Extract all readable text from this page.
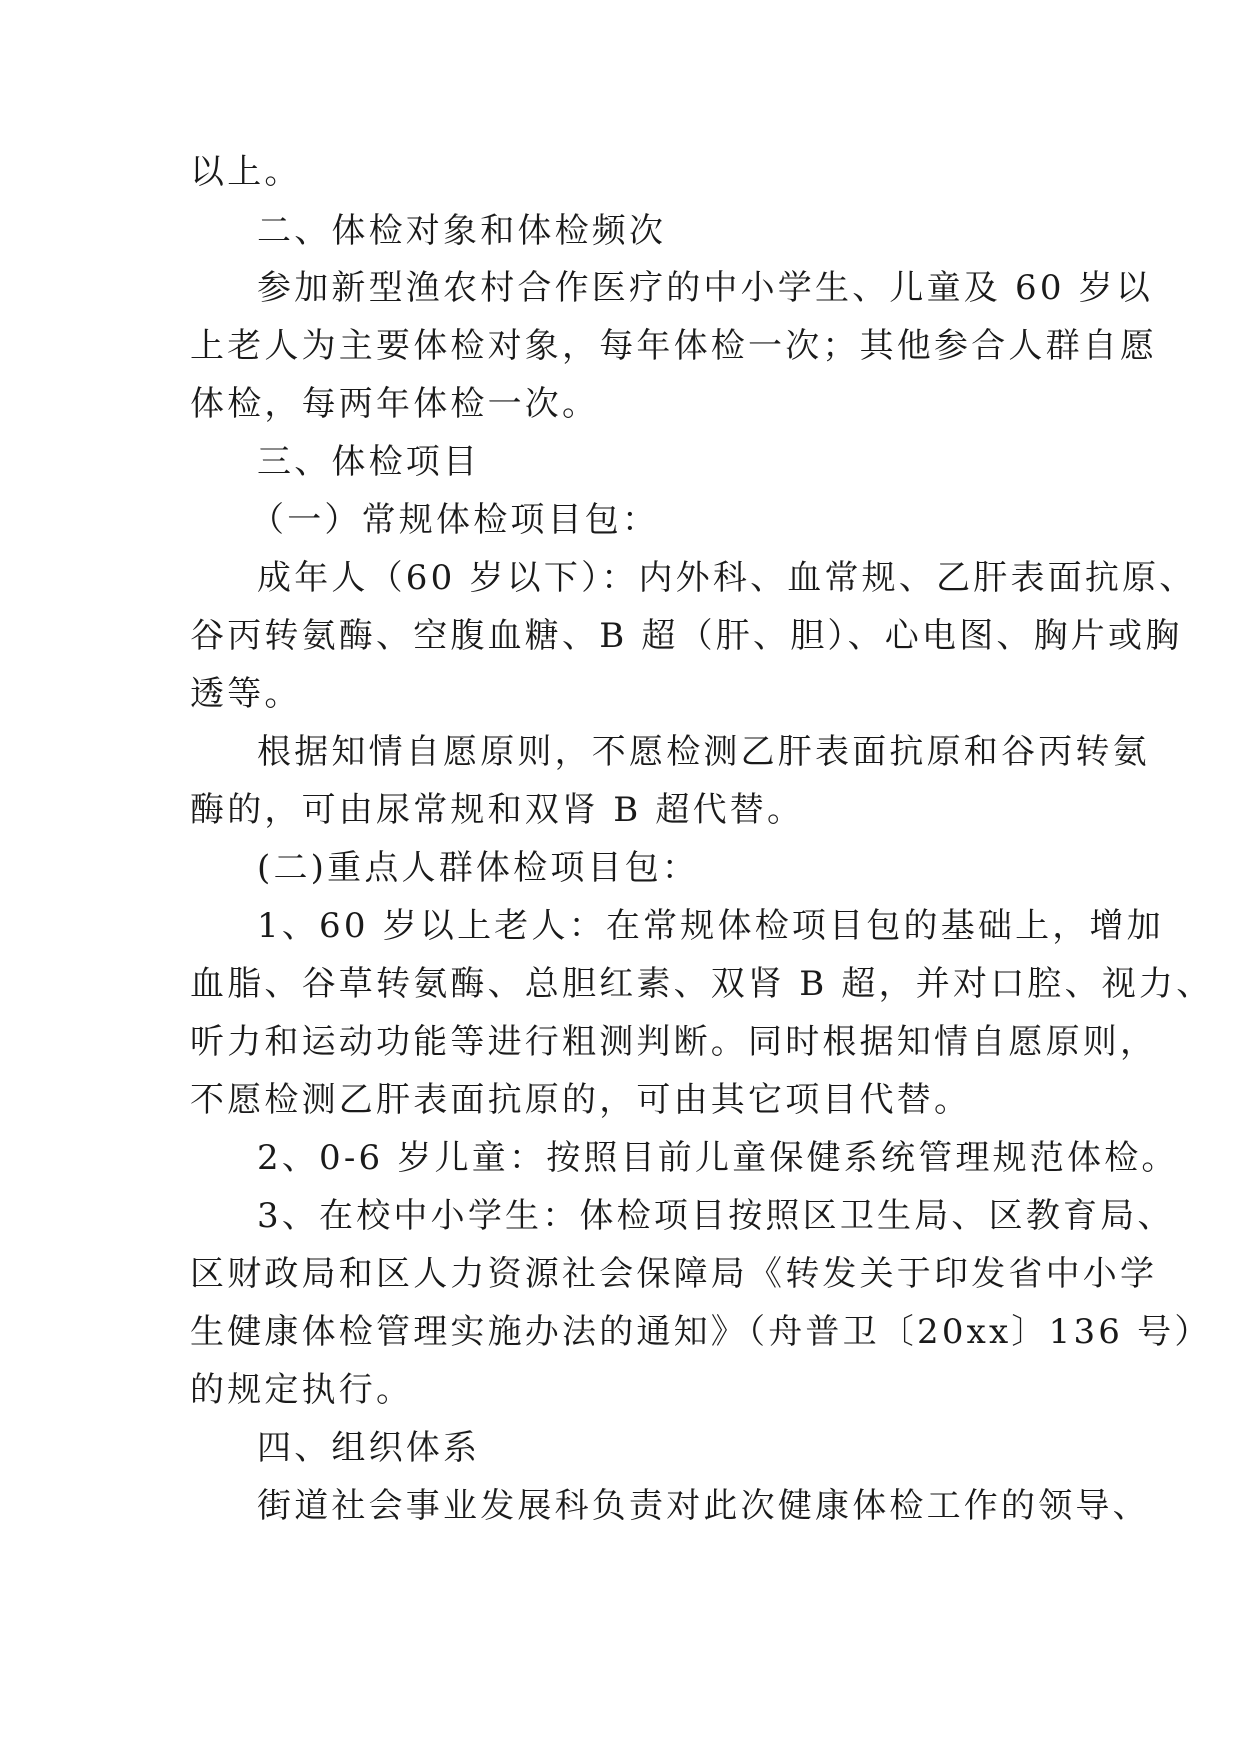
以上。
二、体检对象和体检频次
参加新型渔农村合作医疗的中小学生、儿童及 60 岁以
上老人为主要体检对象，每年体检一次；其他参合人群自愿
体检，每两年体检一次。
三、体检项目
（一）常规体检项目包：
成年人（60 岁以下）：内外科、血常规、乙肝表面抗原、
谷丙转氨酶、空腹血糖、B 超（肝、胆）、心电图、胸片或胸
透等。
根据知情自愿原则，不愿检测乙肝表面抗原和谷丙转氨
酶的，可由尿常规和双肾 B 超代替。
(二)重点人群体检项目包：
1、60 岁以上老人：在常规体检项目包的基础上，增加
血脂、谷草转氨酶、总胆红素、双肾 B 超，并对口腔、视力、
听力和运动功能等进行粗测判断。同时根据知情自愿原则，
不愿检测乙肝表面抗原的，可由其它项目代替。
2、0-6 岁儿童：按照目前儿童保健系统管理规范体检。
3、在校中小学生：体检项目按照区卫生局、区教育局、
区财政局和区人力资源社会保障局《转发关于印发省中小学
生健康体检管理实施办法的通知》（舟普卫〔20xx〕136 号）
的规定执行。
四、组织体系
街道社会事业发展科负责对此次健康体检工作的领导、
